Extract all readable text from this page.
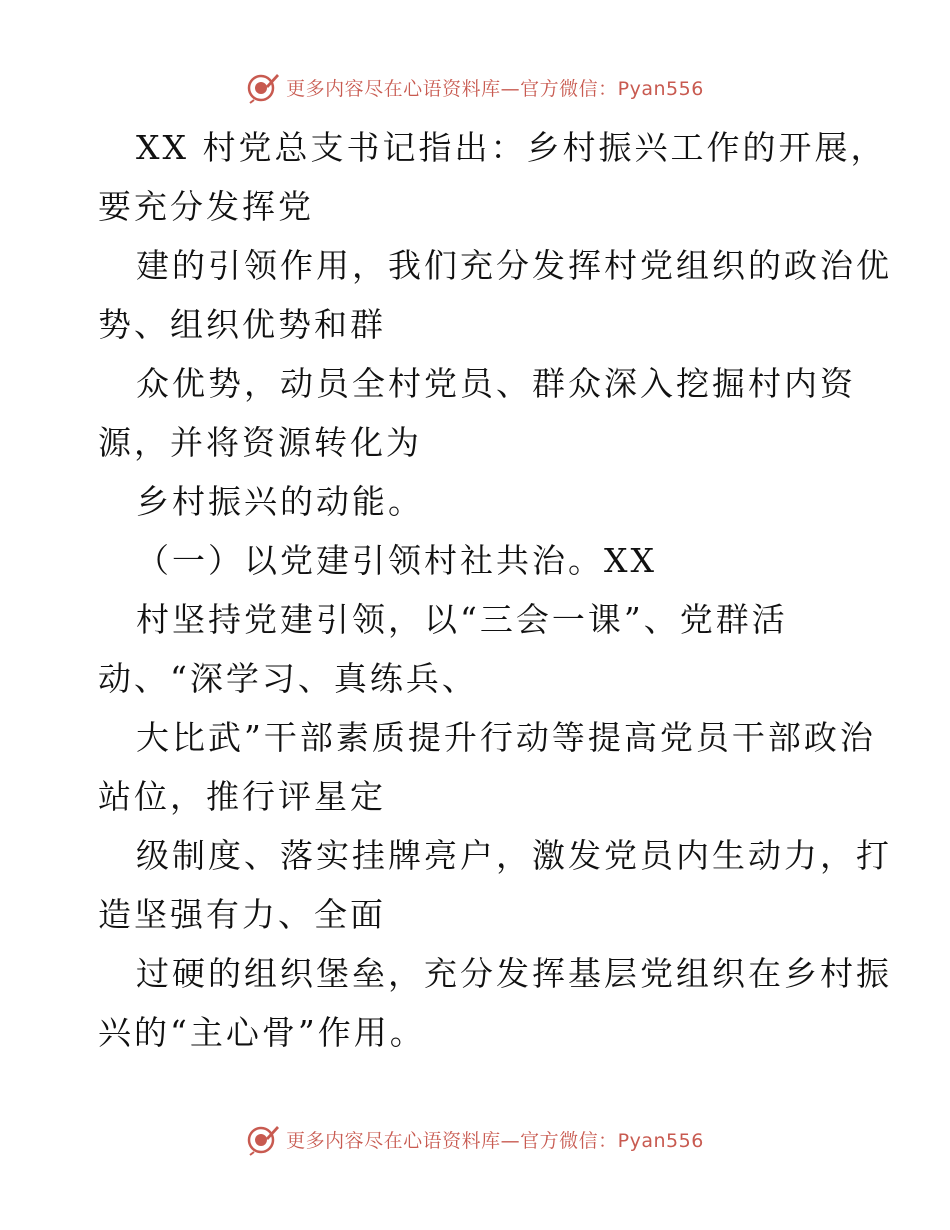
更多内容尽在心语资料库—官方微信：Pyan556
XX 村党总支书记指出：乡村振兴工作的开展，
要充分发挥党
建的引领作用，我们充分发挥村党组织的政治优
势、组织优势和群
众优势，动员全村党员、群众深入挖掘村内资
源，并将资源转化为
乡村振兴的动能。
（一）以党建引领村社共治。XX
村坚持党建引领，以“三会一课”、党群活
动、“深学习、真练兵、
大比武”干部素质提升行动等提高党员干部政治
站位，推行评星定
级制度、落实挂牌亮户，激发党员内生动力，打
造坚强有力、全面
过硬的组织堡垒，充分发挥基层党组织在乡村振
兴的“主心骨”作用。
更多内容尽在心语资料库—官方微信：Pyan556
